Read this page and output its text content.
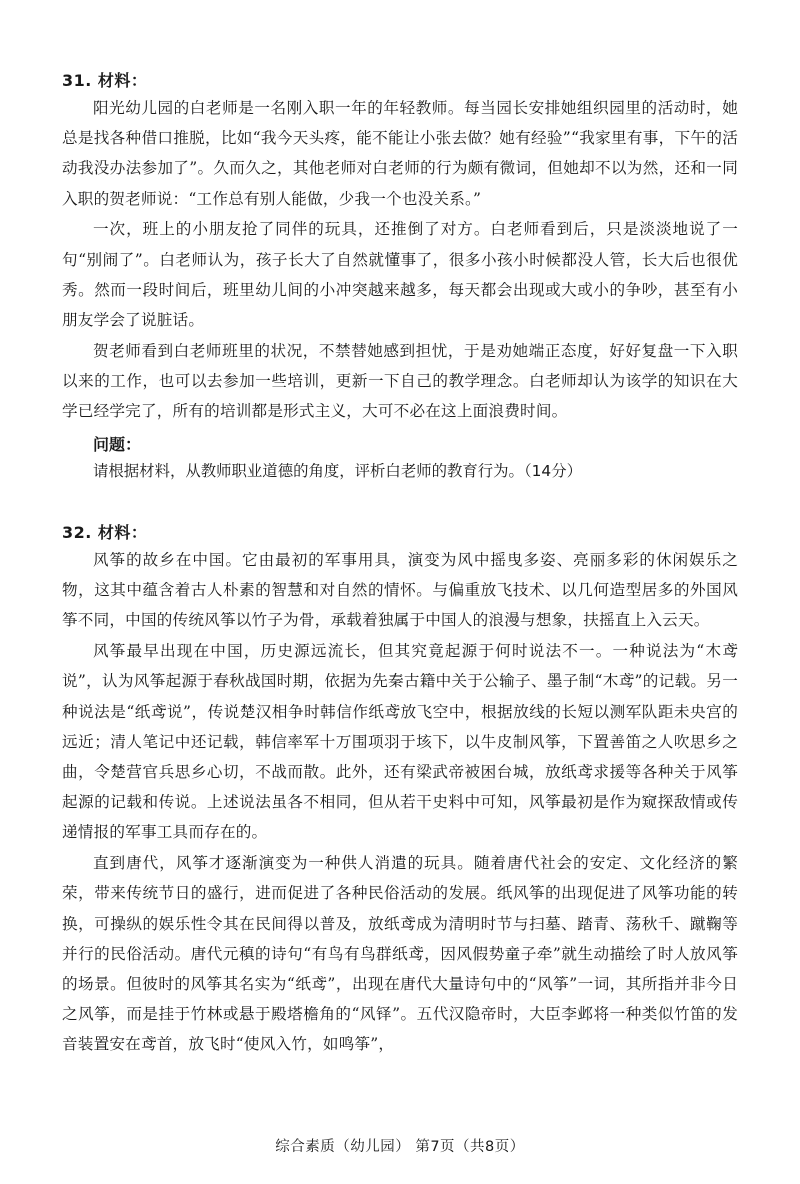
31. 材料：

阳光幼儿园的白老师是一名刚入职一年的年轻教师。每当园长安排她组织园里的活动时，她总是找各种借口推脱，比如“我今天头疼，能不能让小张去做？她有经验”“我家里有事，下午的活动我没办法参加了”。久而久之，其他老师对白老师的行为颇有微词，但她却不以为然，还和一同入职的贺老师说：“工作总有别人能做，少我一个也没关系。”

一次，班上的小朋友抢了同伴的玩具，还推倒了对方。白老师看到后，只是淡淡地说了一句“别闹了”。白老师认为，孩子长大了自然就懂事了，很多小孩小时候都没人管，长大后也很优秀。然而一段时间后，班里幼儿间的小冲突越来越多，每天都会出现或大或小的争吵，甚至有小朋友学会了说脏话。

贺老师看到白老师班里的状况，不禁替她感到担忧，于是劝她端正态度，好好复盘一下入职以来的工作，也可以去参加一些培训，更新一下自己的教学理念。白老师却认为该学的知识在大学已经学完了，所有的培训都是形式主义，大可不必在这上面浪费时间。

问题：
请根据材料，从教师职业道德的角度，评析白老师的教育行为。（14分）
32. 材料：

风筝的故乡在中国。它由最初的军事用具，演变为风中摇曳多姿、亮丽多彩的休闲娱乐之物，这其中蕴含着古人朴素的智慧和对自然的情怀。与偏重放飞技术、以几何造型居多的外国风筝不同，中国的传统风筝以竹子为骨，承载着独属于中国人的浪漫与想象，扶摇直上入云天。

风筝最早出现在中国，历史源远流长，但其究竟起源于何时说法不一。一种说法为“木鸢说”，认为风筝起源于春秋战国时期，依据为先秦古籍中关于公输子、墨子制“木鸢”的记载。另一种说法是“纸鸢说”，传说楚汉相争时韩信作纸鸢放飞空中，根据放线的长短以测军队距未央宫的远近；清人笔记中还记载，韩信率军十万围项羽于垓下，以牛皮制风筝，下置善笛之人吹思乡之曲，令楚营官兵思乡心切，不战而散。此外，还有梁武帝被困台城，放纸鸢求援等各种关于风筝起源的记载和传说。上述说法虽各不相同，但从若干史料中可知，风筝最初是作为窥探敌情或传递情报的军事工具而存在的。

直到唐代，风筝才逐渐演变为一种供人消遣的玩具。随着唐代社会的安定、文化经济的繁荣，带来传统节日的盛行，进而促进了各种民俗活动的发展。纸风筝的出现促进了风筝功能的转换，可操纵的娱乐性令其在民间得以普及，放纸鸢成为清明时节与扫墓、踏青、荡秋千、蹴鞠等并行的民俗活动。唐代元稹的诗句“有鸟有鸟群纸鸢，因风假势童子牵”就生动描绘了时人放风筝的场景。但彼时的风筝其名实为“纸鸢”，出现在唐代大量诗句中的“风筝”一词，其所指并非今日之风筝，而是挂于竹林或悬于殿塔檐角的“风铎”。五代汉隐帝时，大臣李邺将一种类似竹笛的发音装置安在鸢首，放飞时“使风入竹，如鸣筝”，

综合素质（幼儿园） 第7页（共8页）
